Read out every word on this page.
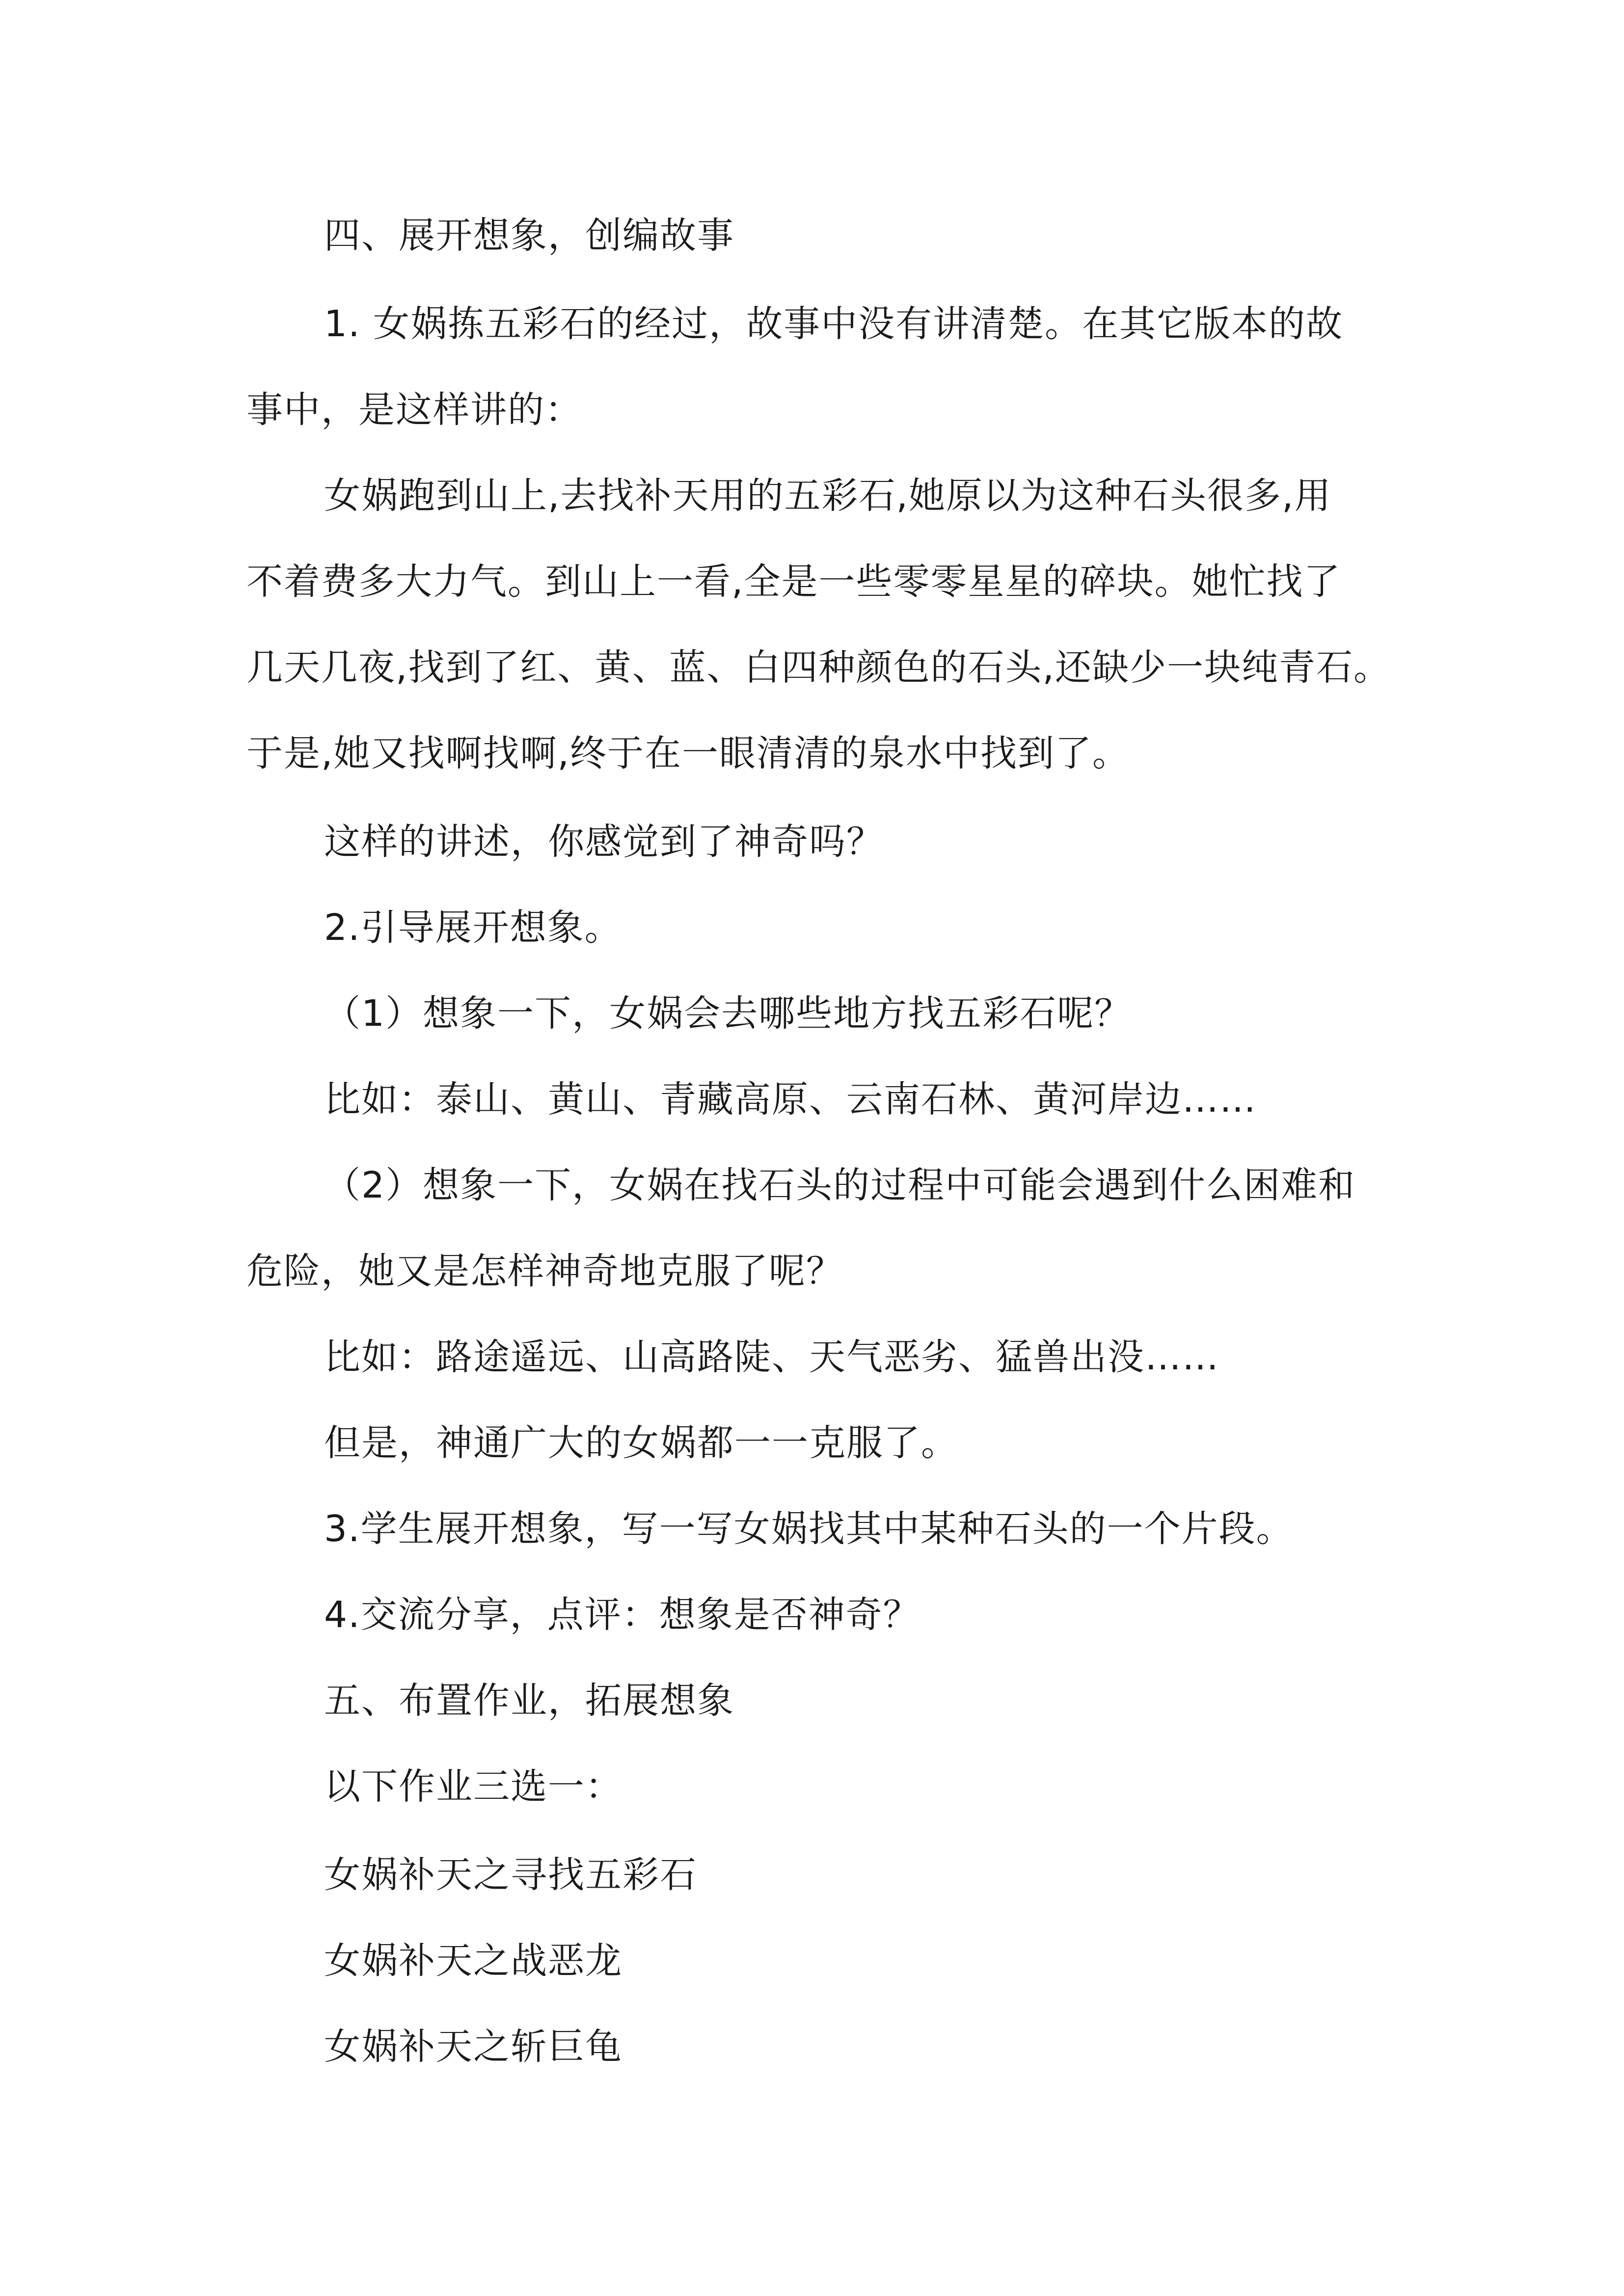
四、展开想象，创编故事
1. 女娲拣五彩石的经过，故事中没有讲清楚。在其它版本的故
事中，是这样讲的：
女娲跑到山上,去找补天用的五彩石,她原以为这种石头很多,用
不着费多大力气。到山上一看,全是一些零零星星的碎块。她忙找了
几天几夜,找到了红、黄、蓝、白四种颜色的石头,还缺少一块纯青石。
于是,她又找啊找啊,终于在一眼清清的泉水中找到了。
这样的讲述，你感觉到了神奇吗？
2.引导展开想象。
（1）想象一下，女娲会去哪些地方找五彩石呢？
比如：泰山、黄山、青藏高原、云南石林、黄河岸边……
（2）想象一下，女娲在找石头的过程中可能会遇到什么困难和
危险，她又是怎样神奇地克服了呢？
比如：路途遥远、山高路陡、天气恶劣、猛兽出没……
但是，神通广大的女娲都一一克服了。
3.学生展开想象，写一写女娲找其中某种石头的一个片段。
4.交流分享，点评：想象是否神奇？
五、布置作业，拓展想象
以下作业三选一：
女娲补天之寻找五彩石
女娲补天之战恶龙
女娲补天之斩巨龟
